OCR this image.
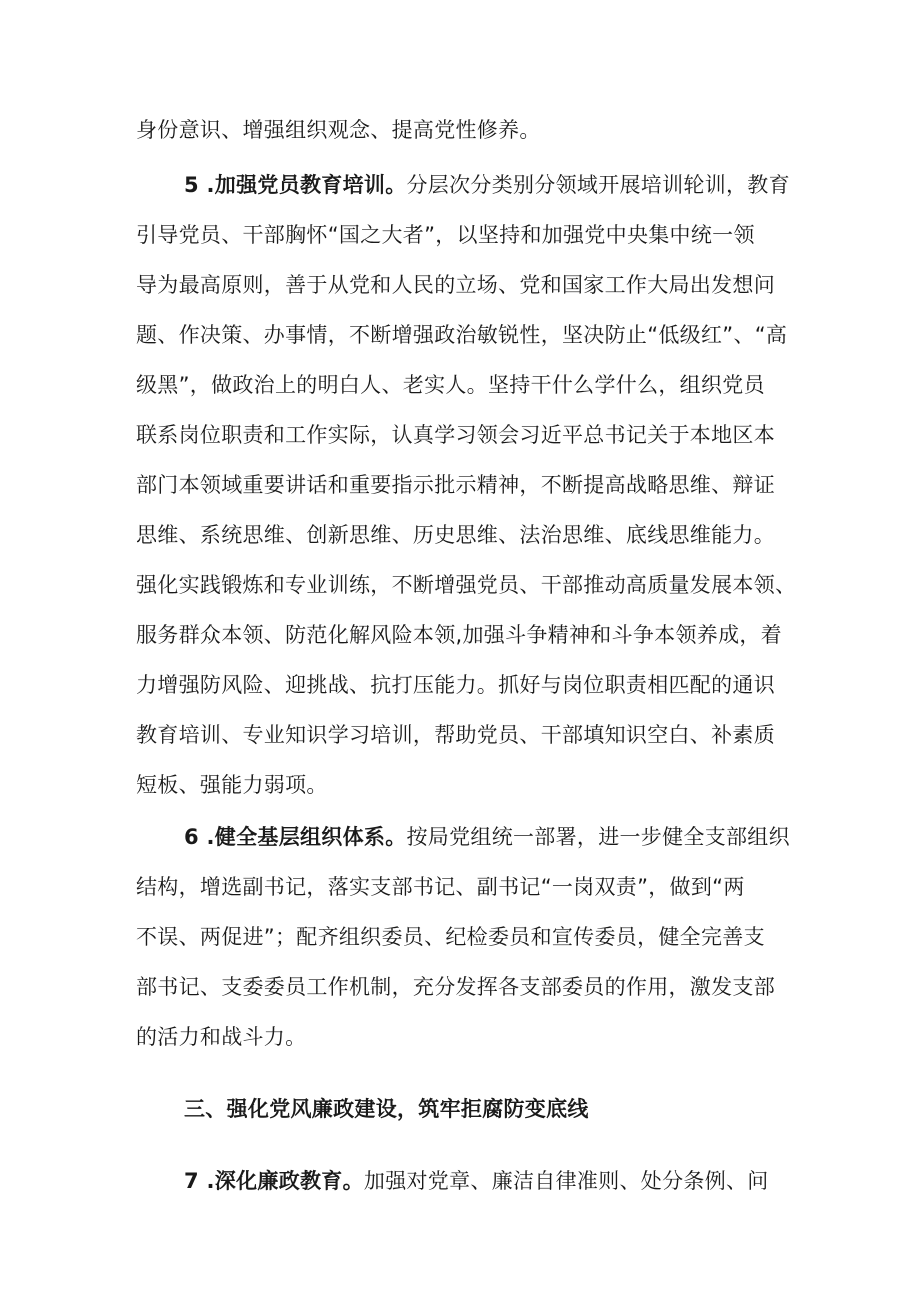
身份意识、增强组织观念、提高党性修养。
5 .加强党员教育培训。分层次分类别分领域开展培训轮训，教育
引导党员、干部胸怀“国之大者”，以坚持和加强党中央集中统一领
导为最高原则，善于从党和人民的立场、党和国家工作大局出发想问
题、作决策、办事情，不断增强政治敏锐性，坚决防止“低级红”、“高
级黑”，做政治上的明白人、老实人。坚持干什么学什么，组织党员
联系岗位职责和工作实际，认真学习领会习近平总书记关于本地区本
部门本领域重要讲话和重要指示批示精神，不断提高战略思维、辩证
思维、系统思维、创新思维、历史思维、法治思维、底线思维能力。
强化实践锻炼和专业训练，不断增强党员、干部推动高质量发展本领、
服务群众本领、防范化解风险本领,加强斗争精神和斗争本领养成，着
力增强防风险、迎挑战、抗打压能力。抓好与岗位职责相匹配的通识
教育培训、专业知识学习培训，帮助党员、干部填知识空白、补素质
短板、强能力弱项。
6 .健全基层组织体系。按局党组统一部署，进一步健全支部组织
结构，增选副书记，落实支部书记、副书记“一岗双责”，做到“两
不误、两促进”；配齐组织委员、纪检委员和宣传委员，健全完善支
部书记、支委委员工作机制，充分发挥各支部委员的作用，激发支部
的活力和战斗力。
三、强化党风廉政建设，筑牢拒腐防变底线
7 .深化廉政教育。加强对党章、廉洁自律准则、处分条例、问
